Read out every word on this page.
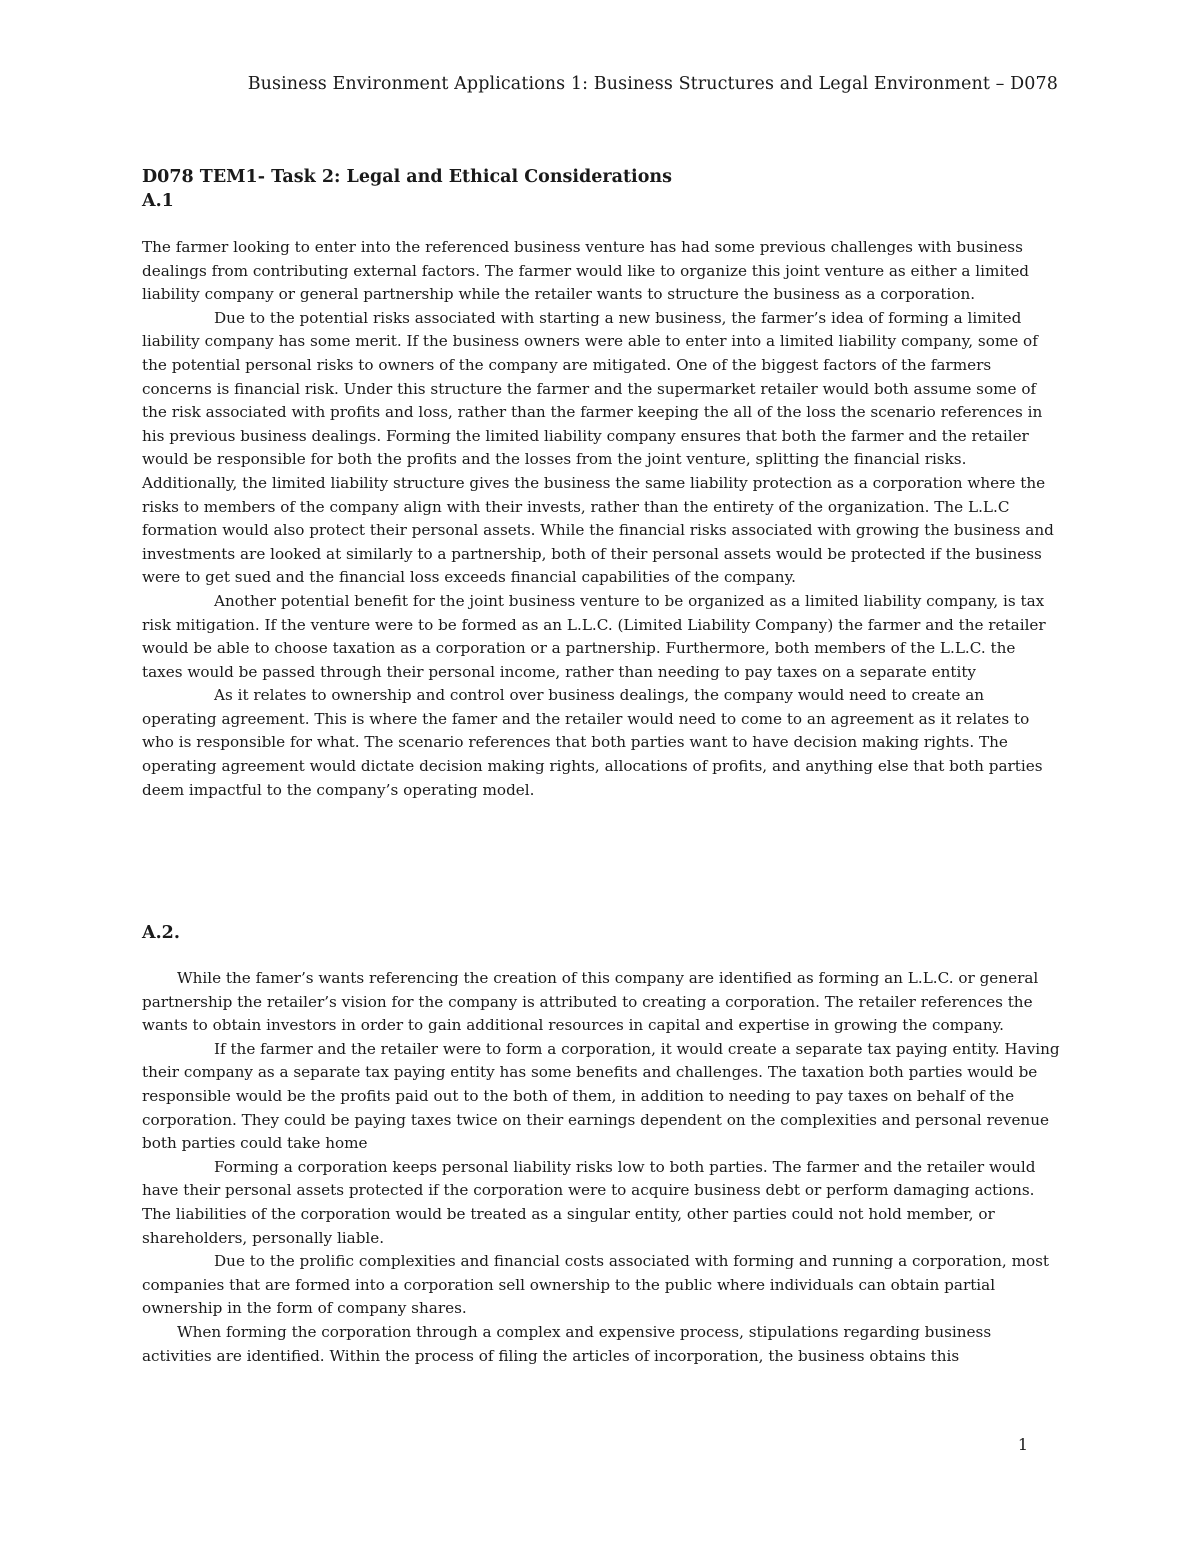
Business Environment Applications 1: Business Structures and Legal Environment – D078
D078 TEM1- Task 2: Legal and Ethical Considerations
A.1

The farmer looking to enter into the referenced business venture has had some previous challenges with business dealings from contributing external factors. The farmer would like to organize this joint venture as either a limited liability company or general partnership while the retailer wants to structure the business as a corporation.

Due to the potential risks associated with starting a new business, the farmer’s idea of forming a limited liability company has some merit. If the business owners were able to enter into a limited liability company, some of the potential personal risks to owners of the company are mitigated. One of the biggest factors of the farmers concerns is financial risk. Under this structure the farmer and the supermarket retailer would both assume some of the risk associated with profits and loss, rather than the farmer keeping the all of the loss the scenario references in his previous business dealings. Forming the limited liability company ensures that both the farmer and the retailer would be responsible for both the profits and the losses from the joint venture, splitting the financial risks. Additionally, the limited liability structure gives the business the same liability protection as a corporation where the risks to members of the company align with their invests, rather than the entirety of the organization. The L.L.C formation would also protect their personal assets. While the financial risks associated with growing the business and investments are looked at similarly to a partnership, both of their personal assets would be protected if the business were to get sued and the financial loss exceeds financial capabilities of the company.

Another potential benefit for the joint business venture to be organized as a limited liability company, is tax risk mitigation. If the venture were to be formed as an L.L.C. (Limited Liability Company) the farmer and the retailer would be able to choose taxation as a corporation or a partnership. Furthermore, both members of the L.L.C. the taxes would be passed through their personal income, rather than needing to pay taxes on a separate entity

As it relates to ownership and control over business dealings, the company would need to create an operating agreement. This is where the famer and the retailer would need to come to an agreement as it relates to who is responsible for what. The scenario references that both parties want to have decision making rights. The operating agreement would dictate decision making rights, allocations of profits, and anything else that both parties deem impactful to the company’s operating model.

A.2.

While the famer’s wants referencing the creation of this company are identified as forming an L.L.C. or general partnership the retailer’s vision for the company is attributed to creating a corporation. The retailer references the wants to obtain investors in order to gain additional resources in capital and expertise in growing the company.

If the farmer and the retailer were to form a corporation, it would create a separate tax paying entity. Having their company as a separate tax paying entity has some benefits and challenges. The taxation both parties would be responsible would be the profits paid out to the both of them, in addition to needing to pay taxes on behalf of the corporation. They could be paying taxes twice on their earnings dependent on the complexities and personal revenue both parties could take home

Forming a corporation keeps personal liability risks low to both parties. The farmer and the retailer would have their personal assets protected if the corporation were to acquire business debt or perform damaging actions. The liabilities of the corporation would be treated as a singular entity, other parties could not hold member, or shareholders, personally liable.

Due to the prolific complexities and financial costs associated with forming and running a corporation, most companies that are formed into a corporation sell ownership to the public where individuals can obtain partial ownership in the form of company shares.

When forming the corporation through a complex and expensive process, stipulations regarding business activities are identified. Within the process of filing the articles of incorporation, the business obtains this

1
